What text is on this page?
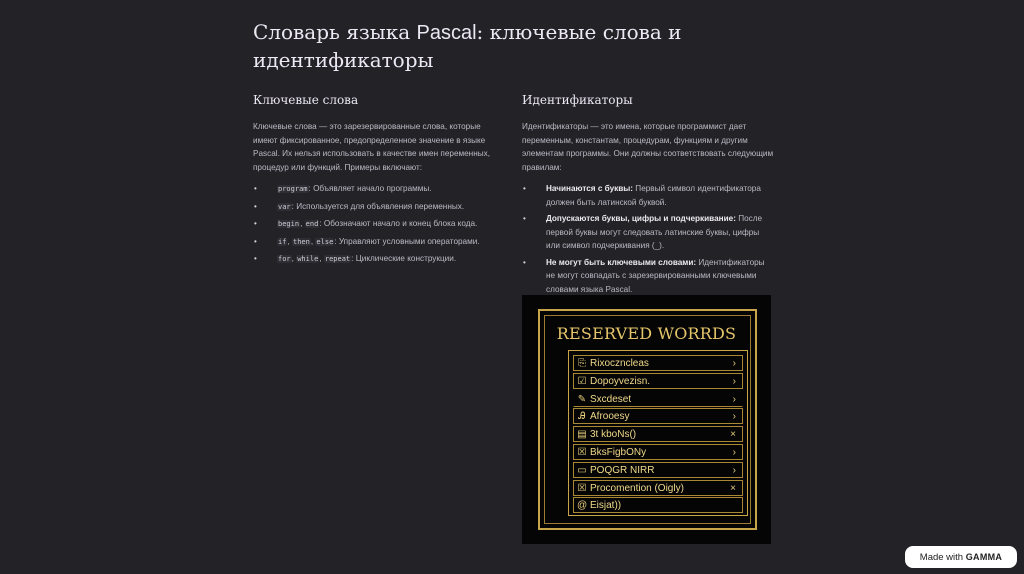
Словарь языка Pascal: ключевые слова и идентификаторы
Ключевые слова

Ключевые слова — это зарезервированные слова, которые имеют фиксированное, предопределенное значение в языке Pascal. Их нельзя использовать в качестве имен переменных, процедур или функций. Примеры включают:

• program: Объявляет начало программы.
• var: Используется для объявления переменных.
• begin, end: Обозначают начало и конец блока кода.
• if, then, else: Управляют условными операторами.
• for, while, repeat: Циклические конструкции.
Идентификаторы

Идентификаторы — это имена, которые программист дает переменным, константам, процедурам, функциям и другим элементам программы. Они должны соответствовать следующим правилам:

• Начинаются с буквы: Первый символ идентификатора должен быть латинской буквой.
• Допускаются буквы, цифры и подчеркивание: После первой буквы могут следовать латинские буквы, цифры или символ подчеркивания (_).
• Не могут быть ключевыми словами: Идентификаторы не могут совпадать с зарезервированными ключевыми словами языка Pascal.
RESERVED WORRDS
⎘ Rixoczncleas	›
☑ Dopoyvezisn.	›
✎ Sxcdeset	›
Ꭿ Afrooesy	›
▤ 3t kboNs()	×
☒ BksFigbONy	›
▭ POQGR NIRR	›
☒ Procomention (Oigly)	×
@ Eisjat))
Made with GAMMA
